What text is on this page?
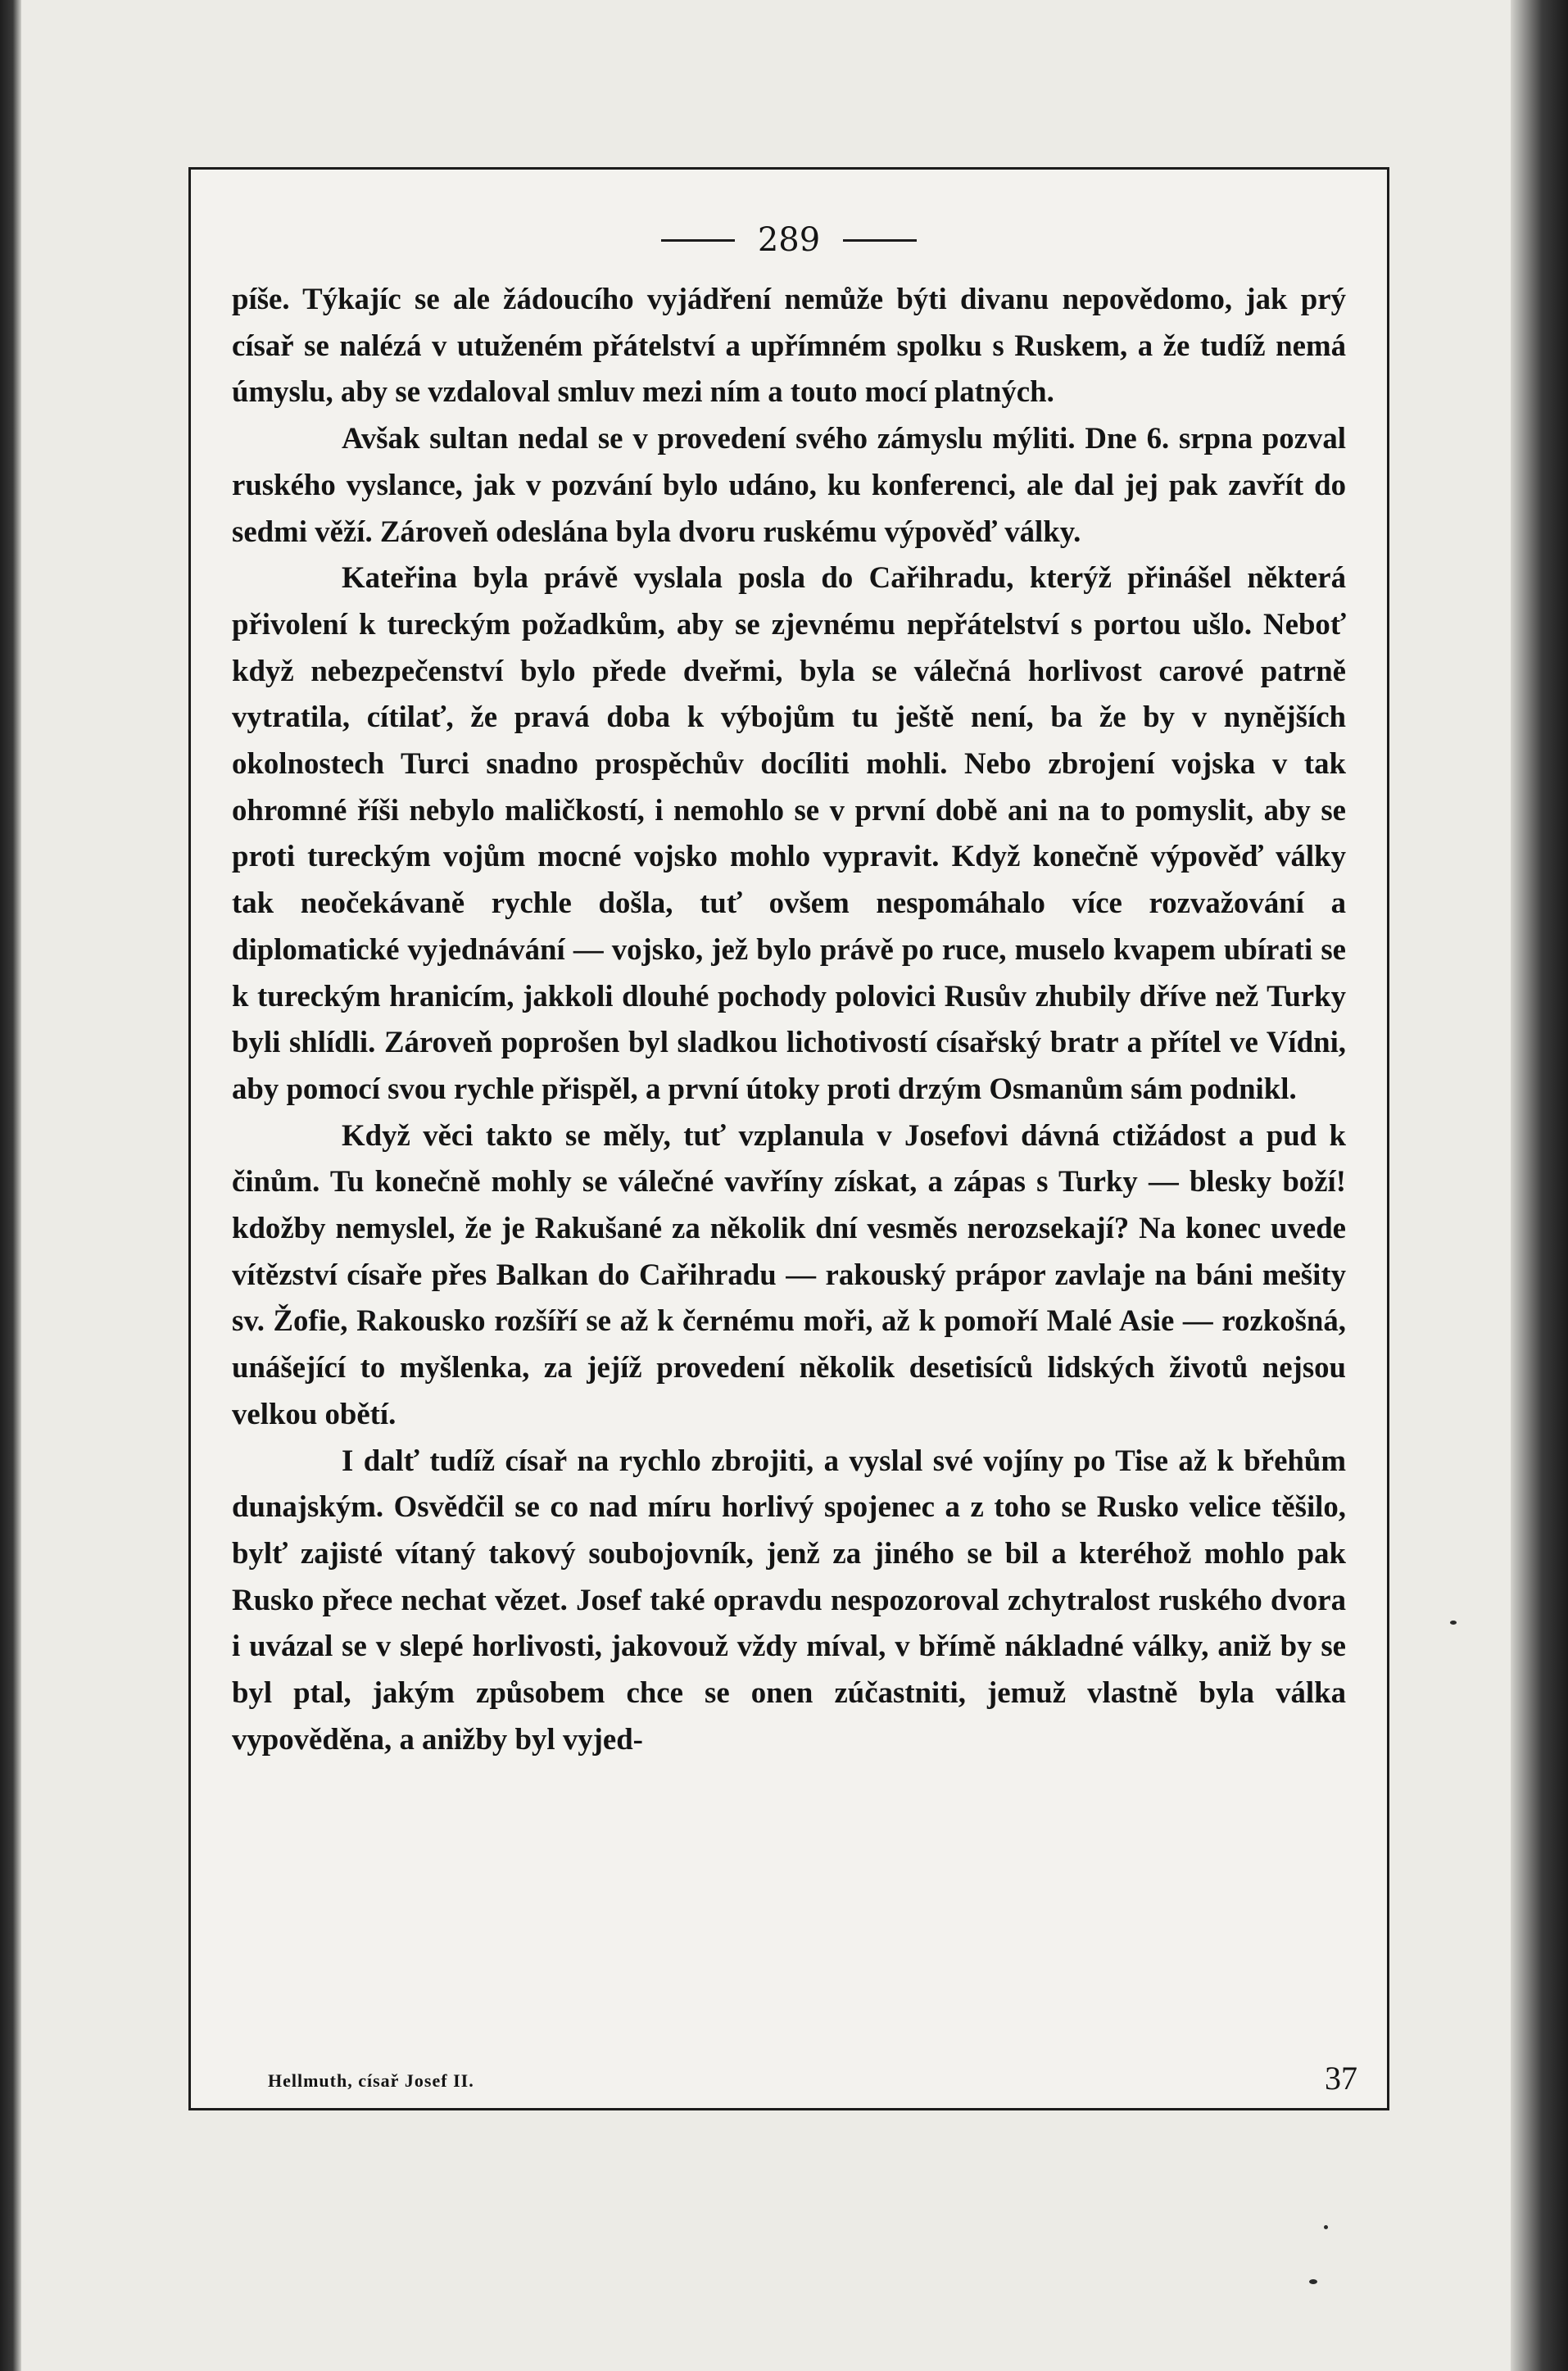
289

píše. Týkajíc se ale žádoucího vyjádření nemůže býti divanu nepovědomo, jak prý císař se nalézá v utuženém přátelství a upřímném spolku s Ruskem, a že tudíž nemá úmyslu, aby se vzdaloval smluv mezi ním a touto mocí platných.

Avšak sultan nedal se v provedení svého zámyslu mýliti. Dne 6. srpna pozval ruského vyslance, jak v pozvání bylo udáno, ku konferenci, ale dal jej pak zavřít do sedmi věží. Zároveň odeslána byla dvoru ruskému výpověď války.

Kateřina byla právě vyslala posla do Cařihradu, kterýž přinášel některá přivolení k tureckým požadkům, aby se zjevnému nepřátelství s portou ušlo. Neboť když nebezpečenství bylo přede dveřmi, byla se válečná horlivost carové patrně vytratila, cítilať, že pravá doba k výbojům tu ještě není, ba že by v nynějších okolnostech Turci snadno prospěchův docíliti mohli. Nebo zbrojení vojska v tak ohromné říši nebylo maličkostí, i nemohlo se v první době ani na to pomyslit, aby se proti tureckým vojům mocné vojsko mohlo vypravit. Když konečně výpověď války tak neočekávaně rychle došla, tuť ovšem nespomáhalo více rozvažování a diplomatické vyjednávání — vojsko, jež bylo právě po ruce, muselo kvapem ubírati se k tureckým hranicím, jakkoli dlouhé pochody polovici Rusův zhubily dříve než Turky byli shlídli. Zároveň poprošen byl sladkou lichotivostí císařský bratr a přítel ve Vídni, aby pomocí svou rychle přispěl, a první útoky proti drzým Osmanům sám podnikl.

Když věci takto se měly, tuť vzplanula v Josefovi dávná ctižádost a pud k činům. Tu konečně mohly se válečné vavříny získat, a zápas s Turky — blesky boží! kdožby nemyslel, že je Rakušané za několik dní vesměs nerozsekají? Na konec uvede vítězství císaře přes Balkan do Cařihradu — rakouský prápor zavlaje na báni mešity sv. Žofie, Rakousko rozšíří se až k černému moři, až k pomoří Malé Asie — rozkošná, unášející to myšlenka, za jejíž provedení několik desetisíců lidských životů nejsou velkou obětí.

I dalť tudíž císař na rychlo zbrojiti, a vyslal své vojíny po Tise až k břehům dunajským. Osvědčil se co nad míru horlivý spojenec a z toho se Rusko velice těšilo, bylť zajisté vítaný takový soubojovník, jenž za jiného se bil a kteréhož mohlo pak Rusko přece nechat vězet. Josef také opravdu nespozoroval zchytralost ruského dvora i uvázal se v slepé horlivosti, jakovouž vždy míval, v břímě nákladné války, aniž by se byl ptal, jakým způsobem chce se onen zúčastniti, jemuž vlastně byla válka vypověděna, a anižby byl vyjed-

Hellmuth, císař Josef II.	37
